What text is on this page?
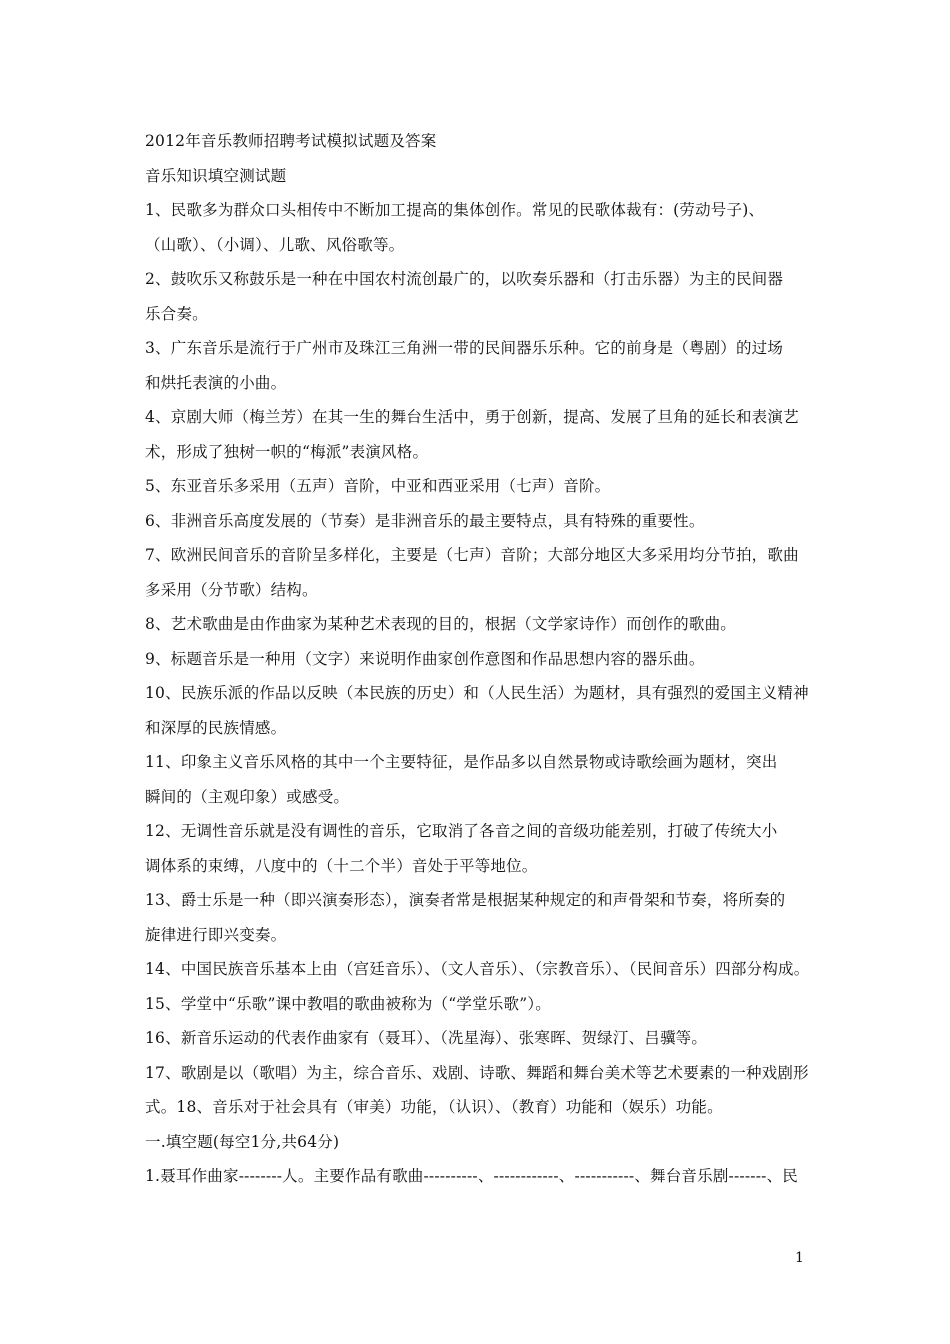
2012年音乐教师招聘考试模拟试题及答案
音乐知识填空测试题
1、民歌多为群众口头相传中不断加工提高的集体创作。常见的民歌体裁有：(劳动号子)、
（山歌）、（小调）、儿歌、风俗歌等。
2、鼓吹乐又称鼓乐是一种在中国农村流创最广的，以吹奏乐器和（打击乐器）为主的民间器
乐合奏。
3、广东音乐是流行于广州市及珠江三角洲一带的民间器乐乐种。它的前身是（粤剧）的过场
和烘托表演的小曲。
4、京剧大师（梅兰芳）在其一生的舞台生活中，勇于创新，提高、发展了旦角的延长和表演艺
术，形成了独树一帜的“梅派”表演风格。
5、东亚音乐多采用（五声）音阶，中亚和西亚采用（七声）音阶。
6、非洲音乐高度发展的（节奏）是非洲音乐的最主要特点，具有特殊的重要性。
7、欧洲民间音乐的音阶呈多样化，主要是（七声）音阶；大部分地区大多采用均分节拍，歌曲
多采用（分节歌）结构。
8、艺术歌曲是由作曲家为某种艺术表现的目的，根据（文学家诗作）而创作的歌曲。
9、标题音乐是一种用（文字）来说明作曲家创作意图和作品思想内容的器乐曲。
10、民族乐派的作品以反映（本民族的历史）和（人民生活）为题材，具有强烈的爱国主义精神
和深厚的民族情感。
11、印象主义音乐风格的其中一个主要特征，是作品多以自然景物或诗歌绘画为题材，突出
瞬间的（主观印象）或感受。
12、无调性音乐就是没有调性的音乐，它取消了各音之间的音级功能差别，打破了传统大小
调体系的束缚，八度中的（十二个半）音处于平等地位。
13、爵士乐是一种（即兴演奏形态），演奏者常是根据某种规定的和声骨架和节奏，将所奏的
旋律进行即兴变奏。
14、中国民族音乐基本上由（宫廷音乐）、（文人音乐）、（宗教音乐）、（民间音乐）四部分构成。
15、学堂中“乐歌”课中教唱的歌曲被称为（“学堂乐歌”）。
16、新音乐运动的代表作曲家有（聂耳）、（冼星海）、张寒晖、贺绿汀、吕骥等。
17、歌剧是以（歌唱）为主，综合音乐、戏剧、诗歌、舞蹈和舞台美术等艺术要素的一种戏剧形
式。18、音乐对于社会具有（审美）功能，（认识）、（教育）功能和（娱乐）功能。
一.填空题(每空1分,共64分)
1.聂耳作曲家--------人。主要作品有歌曲----------、------------、-----------、舞台音乐剧-------、民
1
